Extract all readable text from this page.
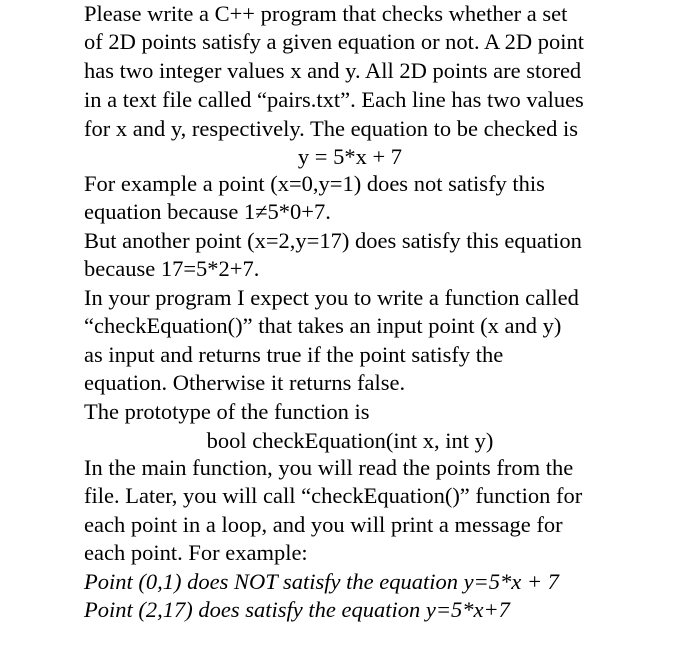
Please write a C++ program that checks whether a set
of 2D points satisfy a given equation or not. A 2D point
has two integer values x and y. All 2D points are stored
in a text file called “pairs.txt”. Each line has two values
for x and y, respectively. The equation to be checked is
y = 5*x + 7
For example a point (x=0,y=1) does not satisfy this
equation because 1≠5*0+7.
But another point (x=2,y=17) does satisfy this equation
because 17=5*2+7.
In your program I expect you to write a function called
“checkEquation()” that takes an input point (x and y)
as input and returns true if the point satisfy the
equation. Otherwise it returns false.
The prototype of the function is
bool checkEquation(int x, int y)
In the main function, you will read the points from the
file. Later, you will call “checkEquation()” function for
each point in a loop, and you will print a message for
each point. For example:
Point (0,1) does NOT satisfy the equation y=5*x + 7
Point (2,17) does satisfy the equation y=5*x+7
